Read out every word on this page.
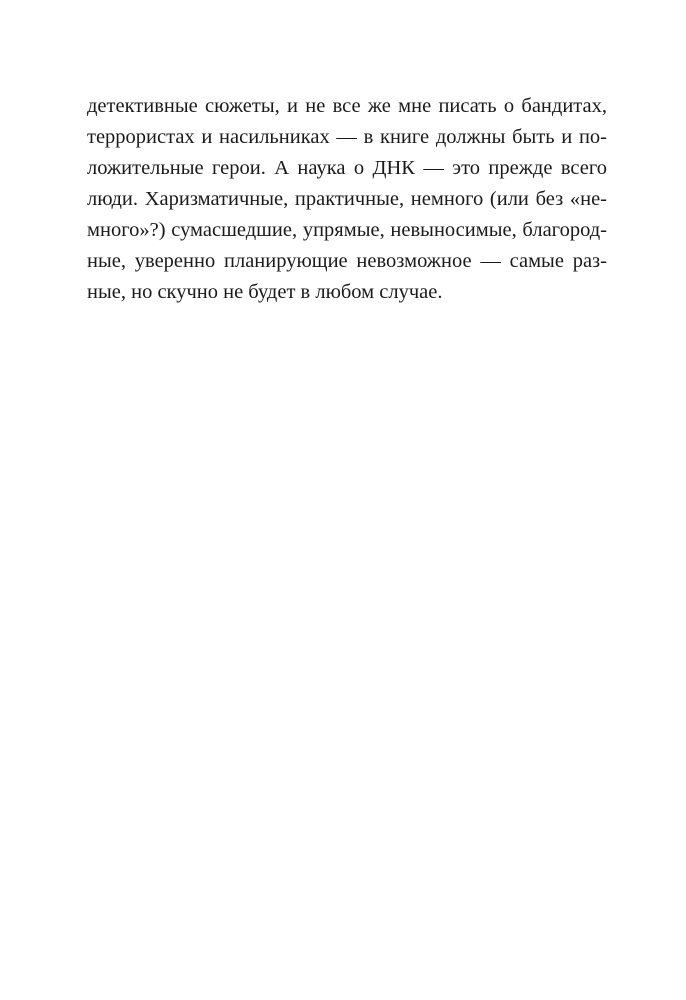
детективные сюжеты, и не все же мне писать о бандитах,
террористах и насильниках — в книге должны быть и по-
ложительные герои. А наука о ДНК — это прежде всего
люди. Харизматичные, практичные, немного (или без «не-
много»?) сумасшедшие, упрямые, невыносимые, благород-
ные, уверенно планирующие невозможное — самые раз-
ные, но скучно не будет в любом случае.
